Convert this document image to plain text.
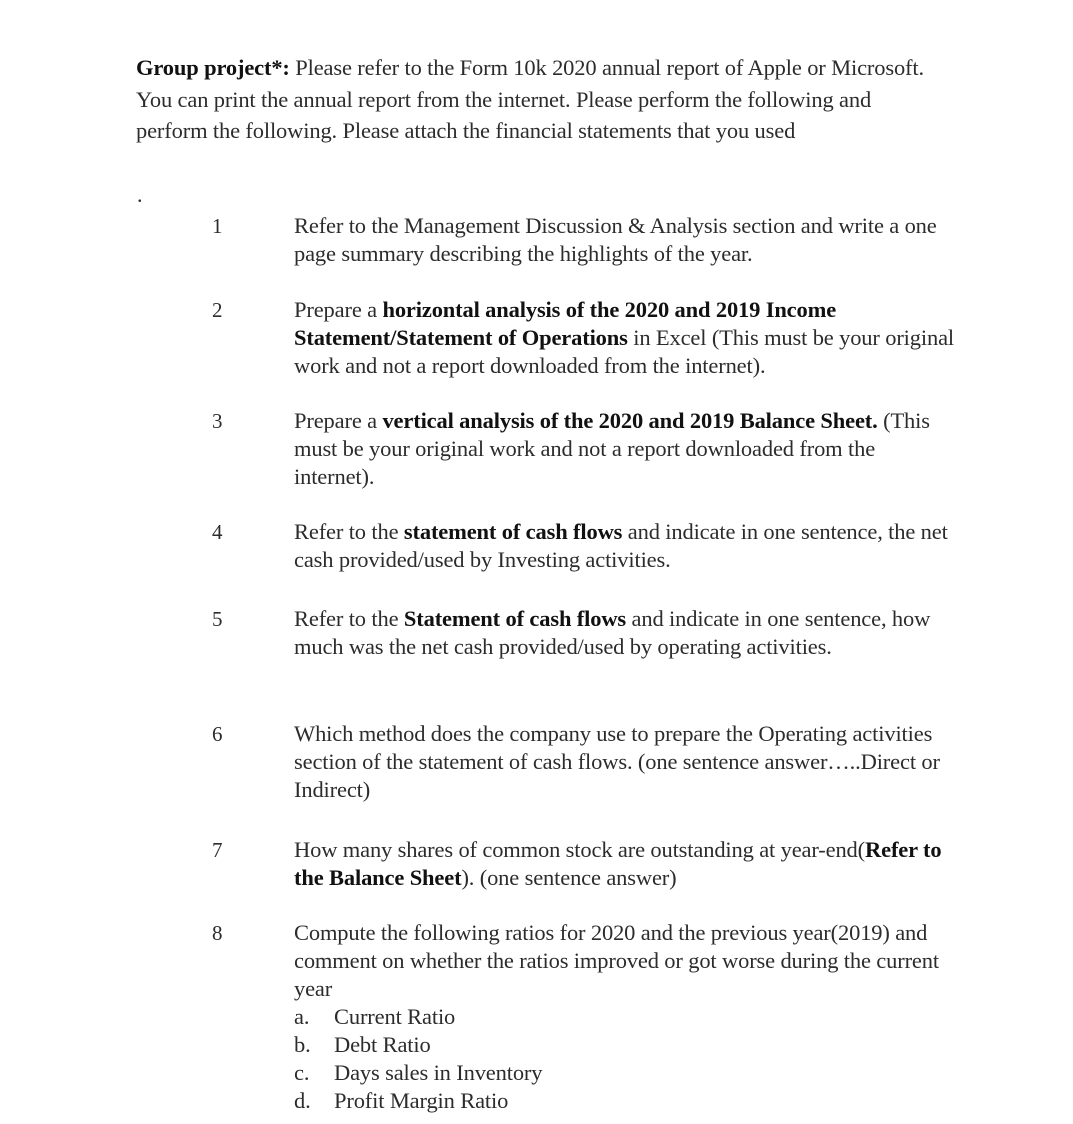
Group project*: Please refer to the Form 10k 2020 annual report of Apple or Microsoft. You can print the annual report from the internet. Please perform the following and perform the following. Please attach the financial statements that you used

.
1	Refer to the Management Discussion & Analysis section and write a one page summary describing the highlights of the year.
2	Prepare a horizontal analysis of the 2020 and 2019 Income Statement/Statement of Operations in Excel (This must be your original work and not a report downloaded from the internet).
3	Prepare a vertical analysis of the 2020 and 2019 Balance Sheet. (This must be your original work and not a report downloaded from the internet).
4	Refer to the statement of cash flows and indicate in one sentence, the net cash provided/used by Investing activities.
5	Refer to the Statement of cash flows and indicate in one sentence, how much was the net cash provided/used by operating activities.
6	Which method does the company use to prepare the Operating activities section of the statement of cash flows. (one sentence answer…..Direct or Indirect)
7	How many shares of common stock are outstanding at year-end(Refer to the Balance Sheet). (one sentence answer)
8	Compute the following ratios for 2020 and the previous year(2019) and comment on whether the ratios improved or got worse during the current year
a. Current Ratio
b. Debt Ratio
c. Days sales in Inventory
d. Profit Margin Ratio
